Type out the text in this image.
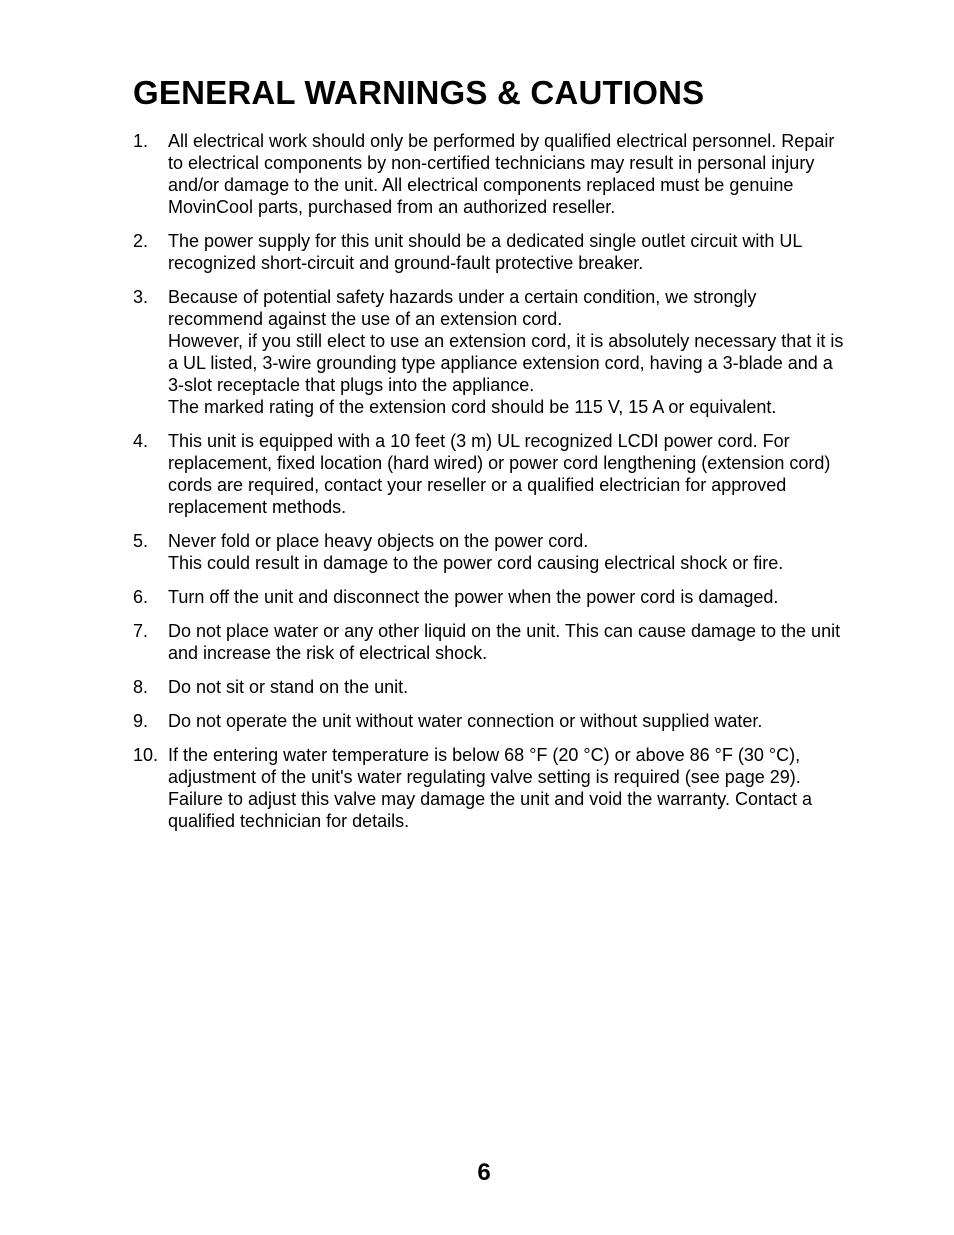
GENERAL WARNINGS & CAUTIONS
1. All electrical work should only be performed by qualified electrical personnel. Repair to electrical components by non-certified technicians may result in personal injury and/or damage to the unit. All electrical components replaced must be genuine MovinCool parts, purchased from an authorized reseller.
2. The power supply for this unit should be a dedicated single outlet circuit with UL recognized short-circuit and ground-fault protective breaker.
3. Because of potential safety hazards under a certain condition, we strongly recommend against the use of an extension cord.
However, if you still elect to use an extension cord, it is absolutely necessary that it is a UL listed, 3-wire grounding type appliance extension cord, having a 3-blade and a 3-slot receptacle that plugs into the appliance.
The marked rating of the extension cord should be 115 V, 15 A or equivalent.
4. This unit is equipped with a 10 feet (3 m) UL recognized LCDI power cord. For replacement, fixed location (hard wired) or power cord lengthening (extension cord) cords are required, contact your reseller or a qualified electrician for approved replacement methods.
5. Never fold or place heavy objects on the power cord.
This could result in damage to the power cord causing electrical shock or fire.
6. Turn off the unit and disconnect the power when the power cord is damaged.
7. Do not place water or any other liquid on the unit. This can cause damage to the unit and increase the risk of electrical shock.
8. Do not sit or stand on the unit.
9. Do not operate the unit without water connection or without supplied water.
10. If the entering water temperature is below 68 °F (20 °C) or above 86 °F (30 °C), adjustment of the unit's water regulating valve setting is required (see page 29). Failure to adjust this valve may damage the unit and void the warranty. Contact a qualified technician for details.
6
